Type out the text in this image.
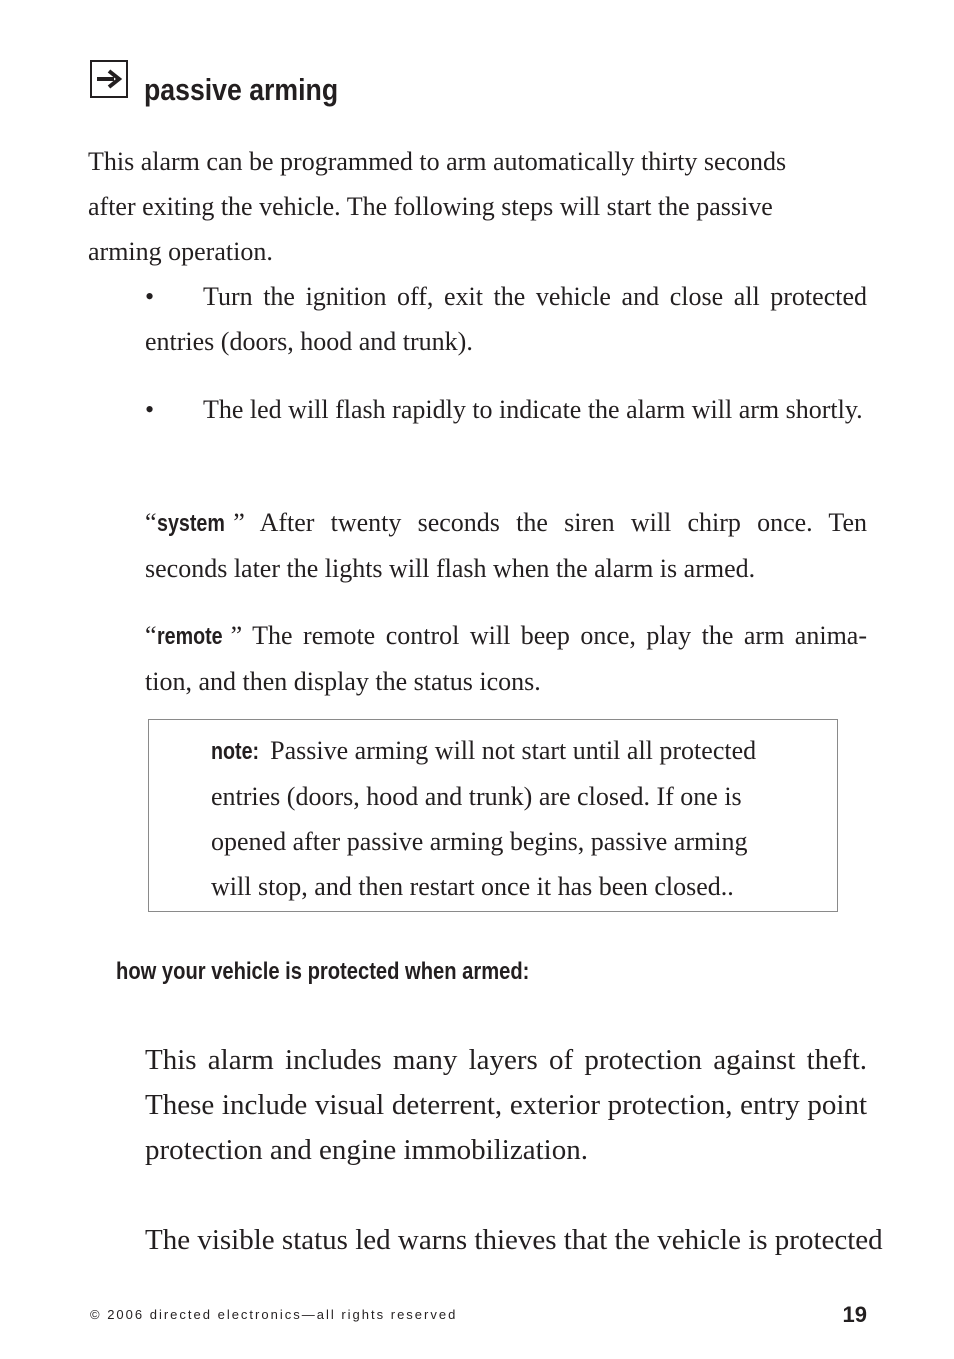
passive arming
This alarm can be programmed to arm automatically thirty seconds
after exiting the vehicle. The following steps will start the passive
arming operation.
• Turn the ignition off, exit the vehicle and close all protected entries (doors, hood and trunk).
• The led will flash rapidly to indicate the alarm will arm shortly.
“system ” After twenty seconds the siren will chirp once. Ten seconds later the lights will flash when the alarm is armed.
“remote ” The remote control will beep once, play the arm anima-tion, and then display the status icons.
note: Passive arming will not start until all protected
entries (doors, hood and trunk) are closed. If one is
opened after passive arming begins, passive arming
will stop, and then restart once it has been closed..
how your vehicle is protected when armed:
This alarm includes many layers of protection against theft. These include visual deterrent, exterior protection, entry point protection and engine immobilization.
The visible status led warns thieves that the vehicle is protected
© 2006 directed electronics—all rights reserved	19
